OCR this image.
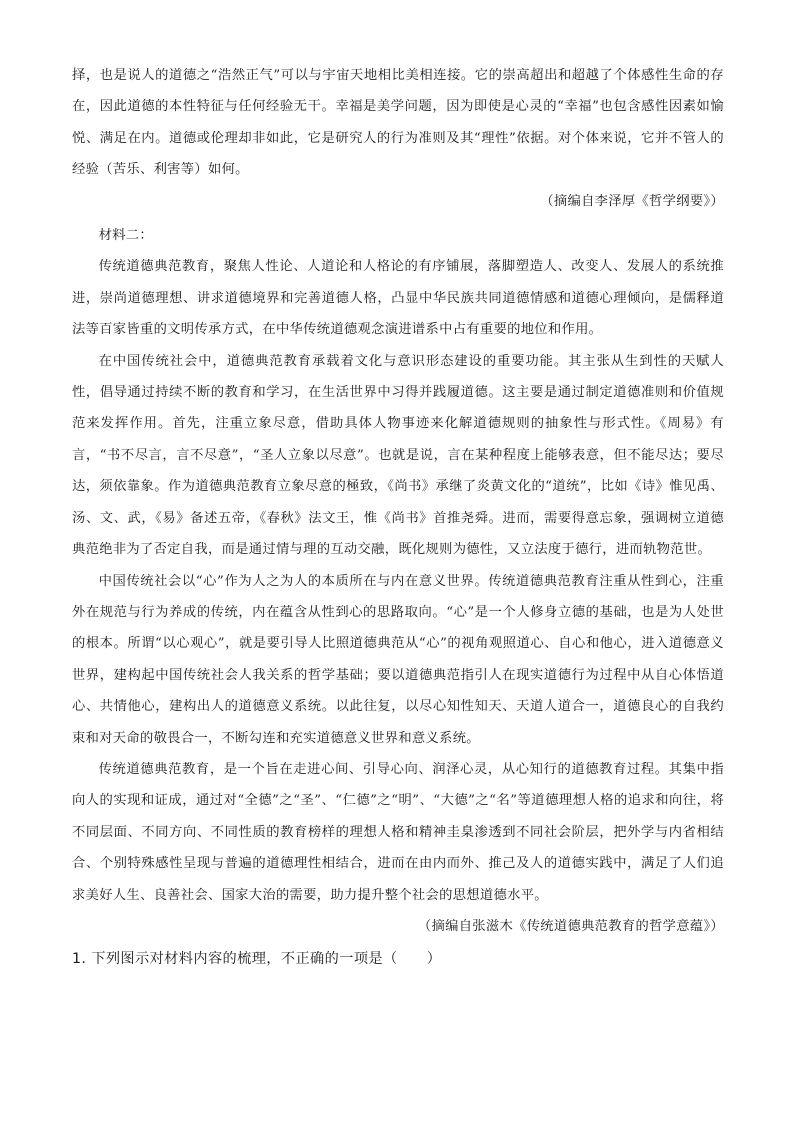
择，也是说人的道德之“浩然正气”可以与宇宙天地相比美相连接。它的崇高超出和超越了个体感性生命的存在，因此道德的本性特征与任何经验无干。幸福是美学问题，因为即使是心灵的“幸福”也包含感性因素如愉悦、满足在内。道德或伦理却非如此，它是研究人的行为准则及其“理性”依据。对个体来说，它并不管人的经验（苦乐、利害等）如何。

（摘编自李泽厚《哲学纲要》）

材料二：

传统道德典范教育，聚焦人性论、人道论和人格论的有序铺展，落脚塑造人、改变人、发展人的系统推进，崇尚道德理想、讲求道德境界和完善道德人格，凸显中华民族共同道德情感和道德心理倾向，是儒释道法等百家皆重的文明传承方式，在中华传统道德观念演进谱系中占有重要的地位和作用。

在中国传统社会中，道德典范教育承载着文化与意识形态建设的重要功能。其主张从生到性的天赋人性，倡导通过持续不断的教育和学习，在生活世界中习得并践履道德。这主要是通过制定道德准则和价值规范来发挥作用。首先，注重立象尽意，借助具体人物事迹来化解道德规则的抽象性与形式性。《周易》有言，“书不尽言，言不尽意”，“圣人立象以尽意”。也就是说，言在某种程度上能够表意，但不能尽达；要尽达，须依靠象。作为道德典范教育立象尽意的極致，《尚书》承继了炎黄文化的“道统”，比如《诗》惟见禹、汤、文、武，《易》备述五帝，《春秋》法文王，惟《尚书》首推尧舜。进而，需要得意忘象，强调树立道德典范绝非为了否定自我，而是通过情与理的互动交融，既化规则为德性，又立法度于德行，进而轨物范世。

中国传统社会以“心”作为人之为人的本质所在与内在意义世界。传统道德典范教育注重从性到心，注重外在规范与行为养成的传统，内在蕴含从性到心的思路取向。“心”是一个人修身立德的基础，也是为人处世的根本。所谓“以心观心”，就是要引导人比照道德典范从“心”的视角观照道心、自心和他心，进入道德意义世界，建构起中国传统社会人我关系的哲学基础；要以道德典范指引人在现实道德行为过程中从自心体悟道心、共情他心，建构出人的道德意义系统。以此往复，以尽心知性知天、天道人道合一，道德良心的自我约束和对天命的敬畏合一，不断勾连和充实道德意义世界和意义系统。

传统道德典范教育，是一个旨在走进心间、引导心向、润泽心灵，从心知行的道德教育过程。其集中指向人的实现和证成，通过对“全德”之“圣”、“仁德”之“明”、“大德”之“名”等道德理想人格的追求和向往，将不同层面、不同方向、不同性质的教育榜样的理想人格和精神圭臬渗透到不同社会阶层，把外学与内省相结合、个别特殊感性呈现与普遍的道德理性相结合，进而在由内而外、推己及人的道德实践中，满足了人们追求美好人生、良善社会、国家大治的需要，助力提升整个社会的思想道德水平。

（摘编自张滋木《传统道德典范教育的哲学意蕴》）

1. 下列图示对材料内容的梳理，不正确的一项是（　　）
